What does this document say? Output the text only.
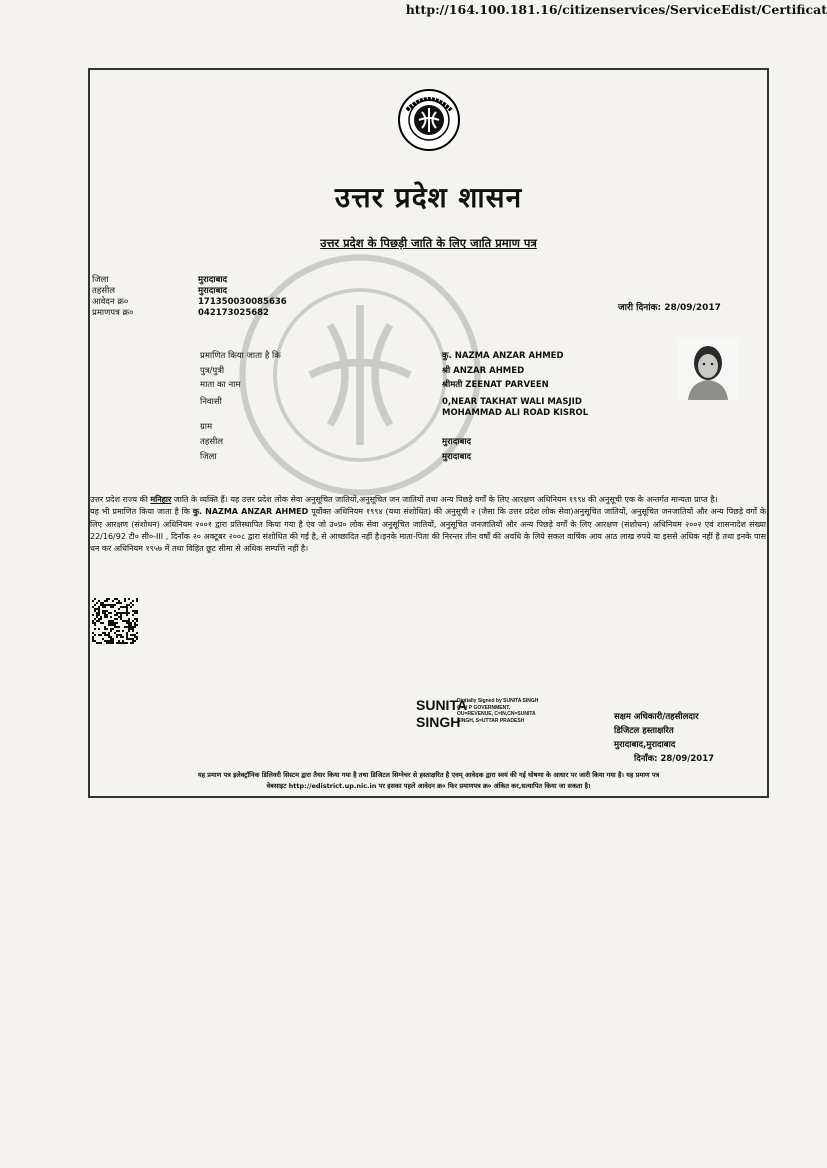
http://164.100.181.16/citizenservices/ServiceEdist/Certificat
उत्तर प्रदेश शासन
उत्तर प्रदेश के पिछड़ी जाति के लिए जाति प्रमाण पत्र
जिला	मुरादाबाद
तहसील	मुरादाबाद
आवेदन क्र०	171350030085636
प्रमाणपत्र क्र०	042173025682	जारी दिनांक: 28/09/2017
प्रमाणित किया जाता है कि	कु. NAZMA ANZAR AHMED
पुत्र/पुत्री	श्री ANZAR AHMED
माता का नाम	श्रीमती ZEENAT PARVEEN
निवासी	0,NEAR TAKHAT WALI MASJID
MOHAMMAD ALI ROAD KISROL
ग्राम
तहसील	मुरादाबाद
जिला	मुरादाबाद

उत्तर प्रदेश राज्य की मनिहार जाति के व्यक्ति हैं। यह उत्तर प्रदेश लोक सेवा अनुसूचित जातियों,अनुसूचित जन जातियों तथा अन्य पिछड़े वर्गों के लिए आरक्षण अधिनियम १९९४ की अनुसूची एक के अन्तर्गत मान्यता प्राप्त है।

यह भी प्रमाणित किया जाता है कि कु. NAZMA ANZAR AHMED पूर्वोक्त अधिनियम १९९४ (यथा संशोधित) की अनुसूची २ (जैसा कि उत्तर प्रदेश लोक सेवा)अनुसूचित जातियों, अनुसूचित जनजातियों और अन्य पिछड़े वर्गों के लिए आरक्षण (संशोधन) अधिनियम २००१ द्वारा प्रतिस्थापित किया गया है एंव जो उ०प्र० लोक सेवा अनुसूचित जातियों, अनुसूचित जनजातियों और अन्य पिछड़े वर्गों के लिए आरक्षण (संशोधन) अधिनियम २००२ एवं शासनादेश संख्या 22/16/92 टी० सी०-III , दिनाँक २० अक्टूबर २००८ द्वारा संशोधित की गई है, से आच्छादित नहीं है।इनके माता-पिता की निरन्तर तीन वर्षों की अवधि के लिये सकल वार्षिक आय आठ लाख रुपये या इससे अधिक नहीं है तथा इनके पास धन कर अधिनियम १९५७ में तथा विहित छूट सीमा से अधिक सम्पत्ति नहीं है।

SUNITA
SINGH
Digitally Signed by SUNITA SINGH
O=U P GOVERNMENT,
OU=REVENUE, C=IN,CN=SUNITA
SINGH, S=UTTAR PRADESH	सक्षम अधिकारी/तहसीलदार
डिजिटल हस्ताक्षरित
मुरादाबाद,मुरादाबाद
दिनाँक: 28/09/2017
यह प्रमाण पत्र इलेक्ट्रॉनिक डिलिवरी सिस्टम द्वारा तैयार किया गया है तथा डिजिटल सिग्नेचर से हस्ताक्षरित है एवम् आवेदक द्वारा स्वयं की गई घोषणा के आधार पर जारी किया गया है। यह प्रमाण पत्र
वेबसाइट http://edistrict.up.nic.in पर इसका पहले आवेदन क्र० फिर प्रमाणपत्र क्र० अंकित कर,सत्यापित किया जा सकता है।
